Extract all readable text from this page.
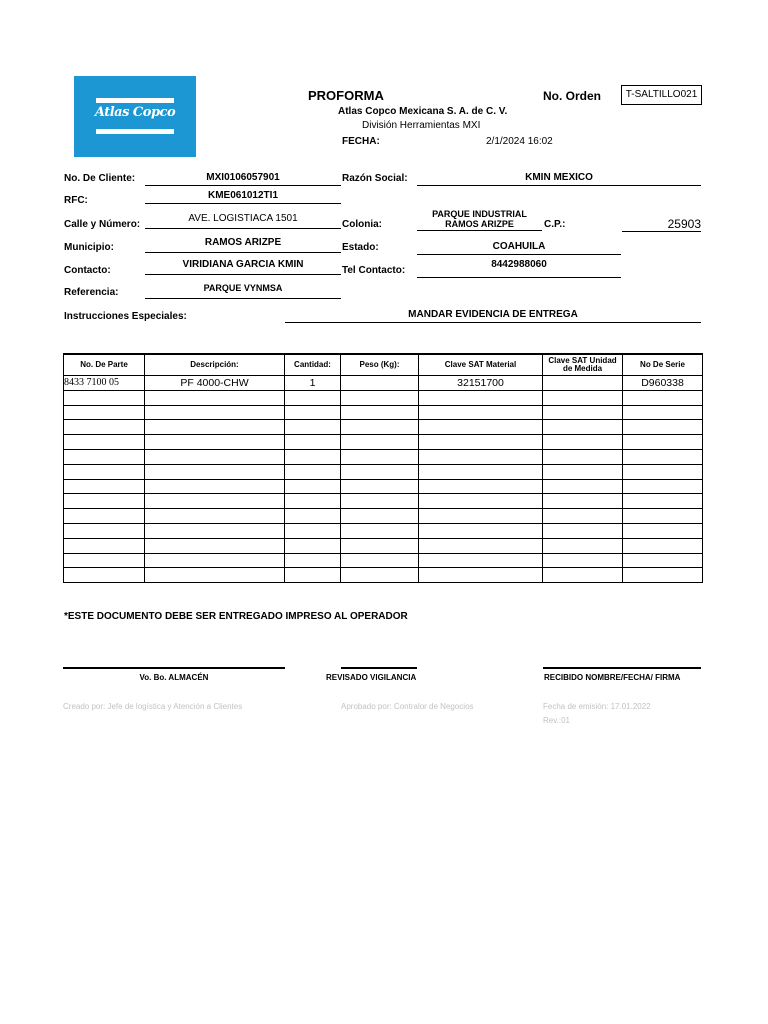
Atlas Copco
PROFORMA
Atlas Copco Mexicana S. A. de C. V.
División Herramientas MXI
FECHA:	2/1/2024 16:02
No. Orden	T-SALTILLO021
No. De Cliente:	MXI0106057901
RFC:	KME061012TI1
Calle y Número:
AVE. LOGISTIACA 1501
Municipio:	RAMOS ARIZPE
Contacto:
VIRIDIANA GARCIA KMIN
Referencia:	PARQUE VYNMSA
Razón Social:	KMIN MEXICO
Colonia:
PARQUE INDUSTRIAL
RAMOS ARIZPE	C.P.:	25903
Estado:	COAHUILA
Tel Contacto:
8442988060
Instrucciones Especiales:	MANDAR EVIDENCIA DE ENTREGA
No. De Parte	Descripción:	Cantidad:	Peso (Kg):	Clave SAT Material	Clave SAT Unidad de Medida	No De Serie
8433 7100 05	PF 4000-CHW	1		32151700		D960338

*ESTE DOCUMENTO DEBE SER ENTREGADO IMPRESO AL OPERADOR
Vo. Bo. ALMACÉN	REVISADO VIGILANCIA	RECIBIDO NOMBRE/FECHA/ FIRMA
Creado por: Jefe de logística y Atención a Clientes	Aprobado por: Contralor de Negocios	Fecha de emisión: 17.01.2022
Rev.:01
